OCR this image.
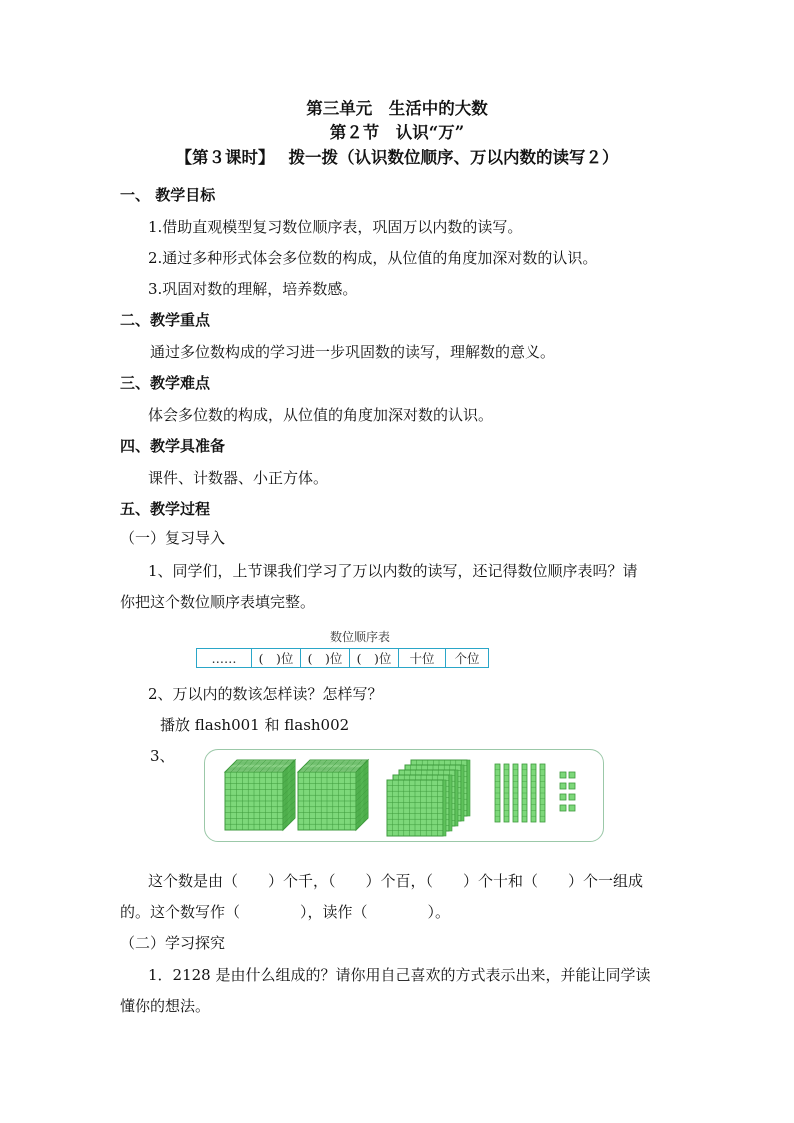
第三单元　生活中的大数
第２节　认识“万”
【第３课时】　 拨一拨（认识数位顺序、万以内数的读写２）
一、 教学目标
1.借助直观模型复习数位顺序表，巩固万以内数的读写。
2.通过多种形式体会多位数的构成，从位值的角度加深对数的认识。
3.巩固对数的理解，培养数感。
二、教学重点
通过多位数构成的学习进一步巩固数的读写，理解数的意义。
三、教学难点
体会多位数的构成，从位值的角度加深对数的认识。
四、教学具准备
课件、计数器、小正方体。
五、教学过程
（一）复习导入
1、同学们，上节课我们学习了万以内数的读写，还记得数位顺序表吗？请
你把这个数位顺序表填完整。
数位顺序表
……	(　)位	(　)位	(　)位	十位	个位
2、万以内的数该怎样读？怎样写？
播放 flash001 和 flash002
3、
这个数是由（　　）个千，（　　）个百，（　　）个十和（　　）个一组成
的。这个数写作（　　　　），读作（　　　　）。
（二）学习探究
1．2128 是由什么组成的？请你用自己喜欢的方式表示出来，并能让同学读
懂你的想法。
